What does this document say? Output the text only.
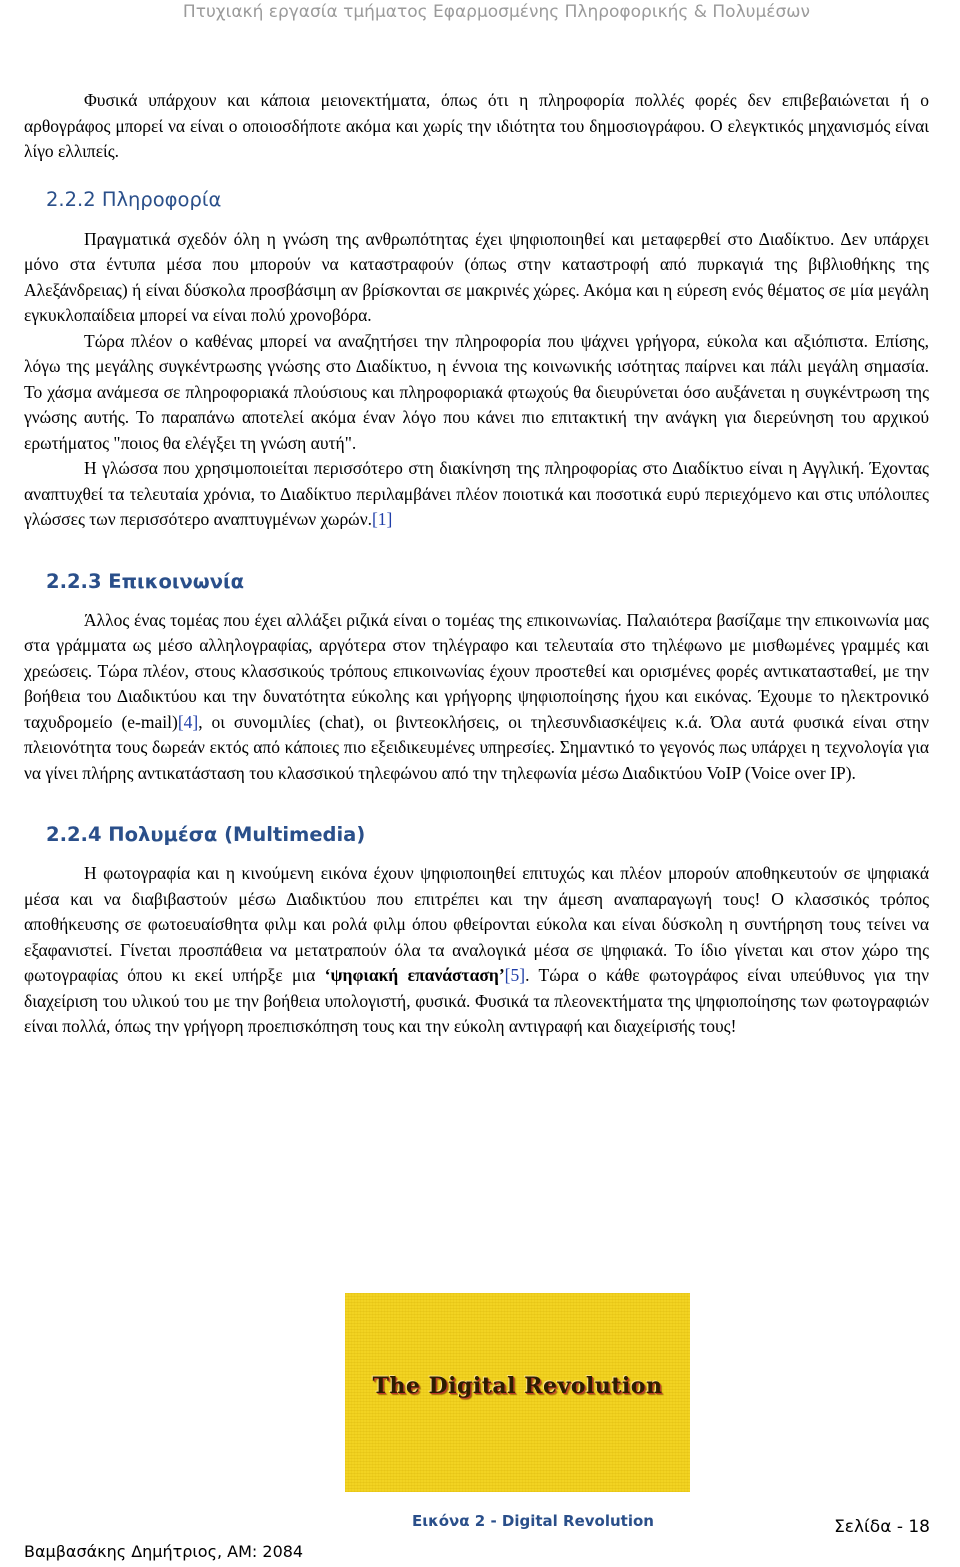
Πτυχιακή εργασία τμήματος Εφαρμοσμένης Πληροφορικής & Πολυμέσων

Φυσικά υπάρχουν και κάποια μειονεκτήματα, όπως ότι η πληροφορία πολλές φορές δεν επιβεβαιώνεται ή ο αρθογράφος μπορεί να είναι ο οποιοσδήποτε ακόμα και χωρίς την ιδιότητα του δημοσιογράφου. Ο ελεγκτικός μηχανισμός είναι λίγο ελλιπείς.

2.2.2 Πληροφορία

Πραγματικά σχεδόν όλη η γνώση της ανθρωπότητας έχει ψηφιοποιηθεί και μεταφερθεί στο Διαδίκτυο. Δεν υπάρχει μόνο στα έντυπα μέσα που μπορούν να καταστραφούν (όπως στην καταστροφή από πυρκαγιά της βιβλιοθήκης της Αλεξάνδρειας) ή είναι δύσκολα προσβάσιμη αν βρίσκονται σε μακρινές χώρες. Ακόμα και η εύρεση ενός θέματος σε μία μεγάλη εγκυκλοπαίδεια μπορεί να είναι πολύ χρονοβόρα.

Τώρα πλέον ο καθένας μπορεί να αναζητήσει την πληροφορία που ψάχνει γρήγορα, εύκολα και αξιόπιστα. Επίσης, λόγω της μεγάλης συγκέντρωσης γνώσης στο Διαδίκτυο, η έννοια της κοινωνικής ισότητας παίρνει και πάλι μεγάλη σημασία. Το χάσμα ανάμεσα σε πληροφοριακά πλούσιους και πληροφοριακά φτωχούς θα διευρύνεται όσο αυξάνεται η συγκέντρωση της γνώσης αυτής. Το παραπάνω αποτελεί ακόμα έναν λόγο που κάνει πιο επιτακτική την ανάγκη για διερεύνηση του αρχικού ερωτήματος "ποιος θα ελέγξει τη γνώση αυτή".

Η γλώσσα που χρησιμοποιείται περισσότερο στη διακίνηση της πληροφορίας στο Διαδίκτυο είναι η Αγγλική. Έχοντας αναπτυχθεί τα τελευταία χρόνια, το Διαδίκτυο περιλαμβάνει πλέον ποιοτικά και ποσοτικά ευρύ περιεχόμενο και στις υπόλοιπες γλώσσες των περισσότερο αναπτυγμένων χωρών.[1]

2.2.3 Επικοινωνία

Άλλος ένας τομέας που έχει αλλάξει ριζικά είναι ο τομέας της επικοινωνίας. Παλαιότερα βασίζαμε την επικοινωνία μας στα γράμματα ως μέσο αλληλογραφίας, αργότερα στον τηλέγραφο και τελευταία στο τηλέφωνο με μισθωμένες γραμμές και χρεώσεις. Τώρα πλέον, στους κλασσικούς τρόπους επικοινωνίας έχουν προστεθεί και ορισμένες φορές αντικατασταθεί, με την βοήθεια του Διαδικτύου και την δυνατότητα εύκολης και γρήγορης ψηφιοποίησης ήχου και εικόνας. Έχουμε το ηλεκτρονικό ταχυδρομείο (e-mail)[4], οι συνομιλίες (chat), οι βιντεοκλήσεις, οι τηλεσυνδιασκέψεις κ.ά. Όλα αυτά φυσικά είναι στην πλειονότητα τους δωρεάν εκτός από κάποιες πιο εξειδικευμένες υπηρεσίες. Σημαντικό το γεγονός πως υπάρχει η τεχνολογία για να γίνει πλήρης αντικατάσταση του κλασσικού τηλεφώνου από την τηλεφωνία μέσω Διαδικτύου VoIP (Voice over IP).

2.2.4 Πολυμέσα (Multimedia)

Η φωτογραφία και η κινούμενη εικόνα έχουν ψηφιοποιηθεί επιτυχώς και πλέον μπορούν αποθηκευτούν σε ψηφιακά μέσα και να διαβιβαστούν μέσω Διαδικτύου που επιτρέπει και την άμεση αναπαραγωγή τους! Ο κλασσικός τρόπος αποθήκευσης σε φωτοευαίσθητα φιλμ και ρολά φιλμ όπου φθείρονται εύκολα και είναι δύσκολη η συντήρηση τους τείνει να εξαφανιστεί. Γίνεται προσπάθεια να μετατραπούν όλα τα αναλογικά μέσα σε ψηφιακά. Το ίδιο γίνεται και στον χώρο της φωτογραφίας όπου κι εκεί υπήρξε μια ‘ψηφιακή επανάσταση’[5]. Τώρα ο κάθε φωτογράφος είναι υπεύθυνος για την διαχείριση του υλικού του με την βοήθεια υπολογιστή, φυσικά. Φυσικά τα πλεονεκτήματα της ψηφιοποίησης των φωτογραφιών είναι πολλά, όπως την γρήγορη προεπισκόπηση τους και την εύκολη αντιγραφή και διαχείρισής τους!

The Digital Revolution
Εικόνα 2 - Digital Revolution
Βαμβασάκης Δημήτριος, ΑΜ: 2084
Σελίδα - 18
